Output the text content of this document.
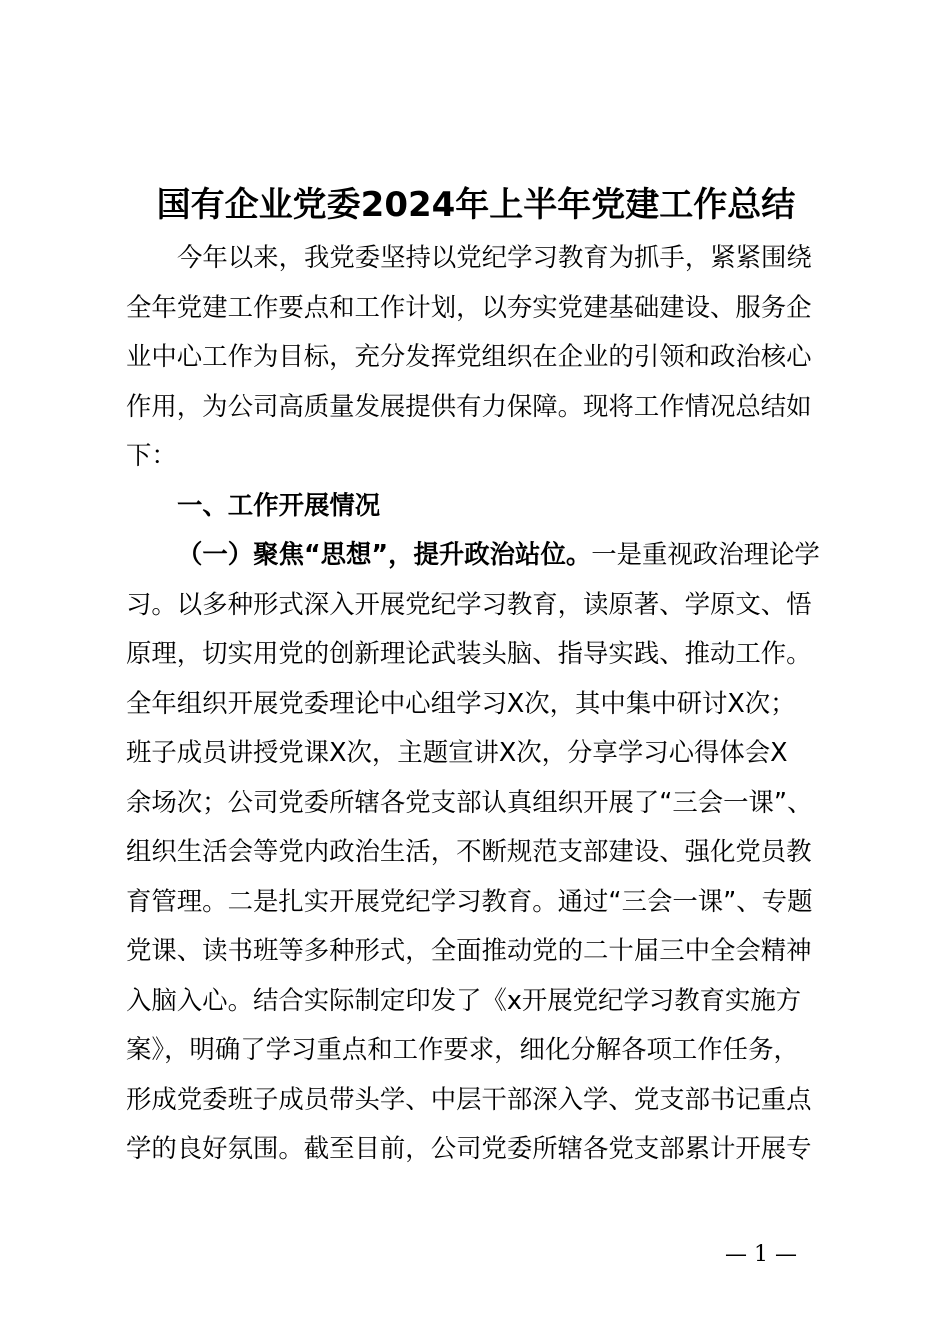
国有企业党委2024年上半年党建工作总结
今年以来，我党委坚持以党纪学习教育为抓手，紧紧围绕
全年党建工作要点和工作计划，以夯实党建基础建设、服务企
业中心工作为目标，充分发挥党组织在企业的引领和政治核心
作用，为公司高质量发展提供有力保障。现将工作情况总结如
下：
一、工作开展情况
（一）聚焦“思想”，提升政治站位。一是重视政治理论学
习。以多种形式深入开展党纪学习教育，读原著、学原文、悟
原理，切实用党的创新理论武装头脑、指导实践、推动工作。
全年组织开展党委理论中心组学习X次，其中集中研讨X次；
班子成员讲授党课X次，主题宣讲X次，分享学习心得体会X
余场次；公司党委所辖各党支部认真组织开展了“三会一课”、
组织生活会等党内政治生活，不断规范支部建设、强化党员教
育管理。二是扎实开展党纪学习教育。通过“三会一课”、专题
党课、读书班等多种形式，全面推动党的二十届三中全会精神
入脑入心。结合实际制定印发了《x开展党纪学习教育实施方
案》，明确了学习重点和工作要求，细化分解各项工作任务，
形成党委班子成员带头学、中层干部深入学、党支部书记重点
学的良好氛围。截至目前，公司党委所辖各党支部累计开展专
— 1 —
